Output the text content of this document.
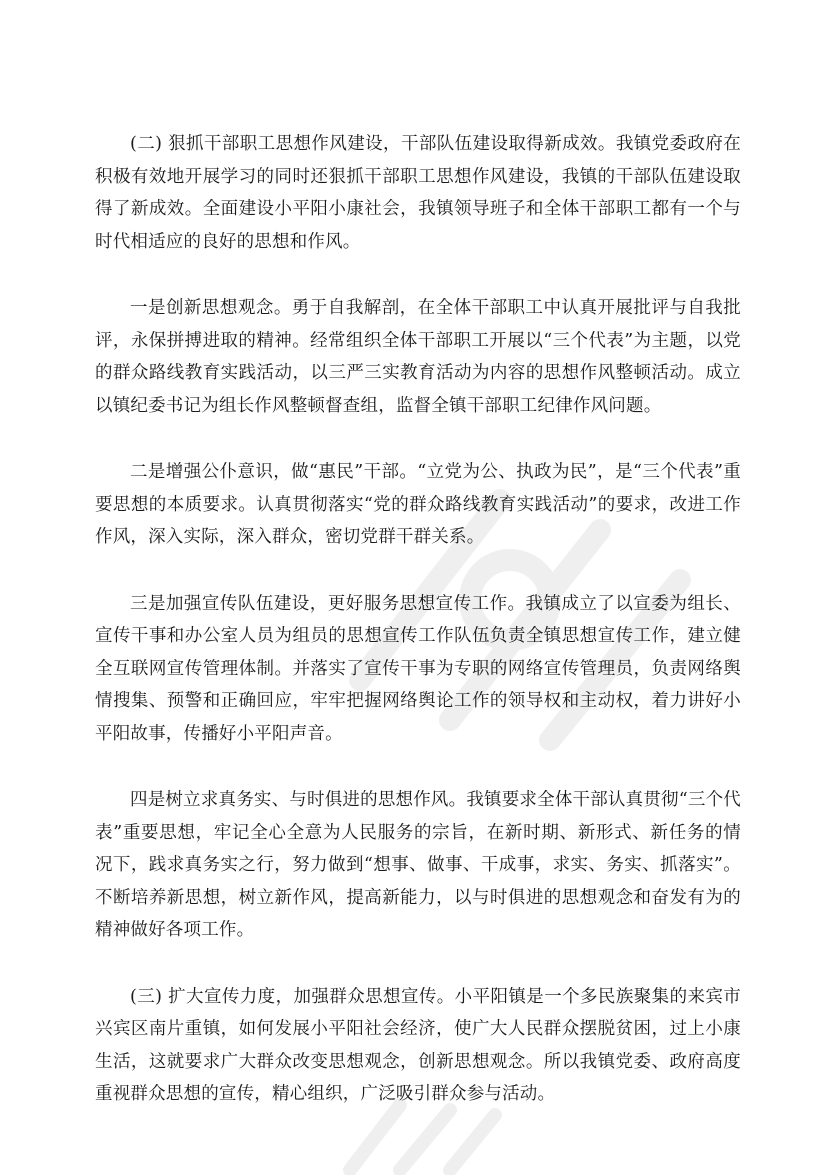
(二) 狠抓干部职工思想作风建设，干部队伍建设取得新成效。我镇党委政府在积极有效地开展学习的同时还狠抓干部职工思想作风建设，我镇的干部队伍建设取得了新成效。全面建设小平阳小康社会，我镇领导班子和全体干部职工都有一个与时代相适应的良好的思想和作风。

一是创新思想观念。勇于自我解剖，在全体干部职工中认真开展批评与自我批评，永保拼搏进取的精神。经常组织全体干部职工开展以“三个代表”为主题，以党的群众路线教育实践活动，以三严三实教育活动为内容的思想作风整顿活动。成立以镇纪委书记为组长作风整顿督查组，监督全镇干部职工纪律作风问题。

二是增强公仆意识，做“惠民”干部。“立党为公、执政为民”，是“三个代表”重要思想的本质要求。认真贯彻落实“党的群众路线教育实践活动”的要求，改进工作作风，深入实际，深入群众，密切党群干群关系。

三是加强宣传队伍建设，更好服务思想宣传工作。我镇成立了以宣委为组长、宣传干事和办公室人员为组员的思想宣传工作队伍负责全镇思想宣传工作，建立健全互联网宣传管理体制。并落实了宣传干事为专职的网络宣传管理员，负责网络舆情搜集、预警和正确回应，牢牢把握网络舆论工作的领导权和主动权，着力讲好小平阳故事，传播好小平阳声音。

四是树立求真务实、与时俱进的思想作风。我镇要求全体干部认真贯彻“三个代表”重要思想，牢记全心全意为人民服务的宗旨，在新时期、新形式、新任务的情况下，践求真务实之行，努力做到“想事、做事、干成事，求实、务实、抓落实”。不断培养新思想，树立新作风，提高新能力，以与时俱进的思想观念和奋发有为的精神做好各项工作。

(三) 扩大宣传力度，加强群众思想宣传。小平阳镇是一个多民族聚集的来宾市兴宾区南片重镇，如何发展小平阳社会经济，使广大人民群众摆脱贫困，过上小康生活，这就要求广大群众改变思想观念，创新思想观念。所以我镇党委、政府高度重视群众思想的宣传，精心组织，广泛吸引群众参与活动。
